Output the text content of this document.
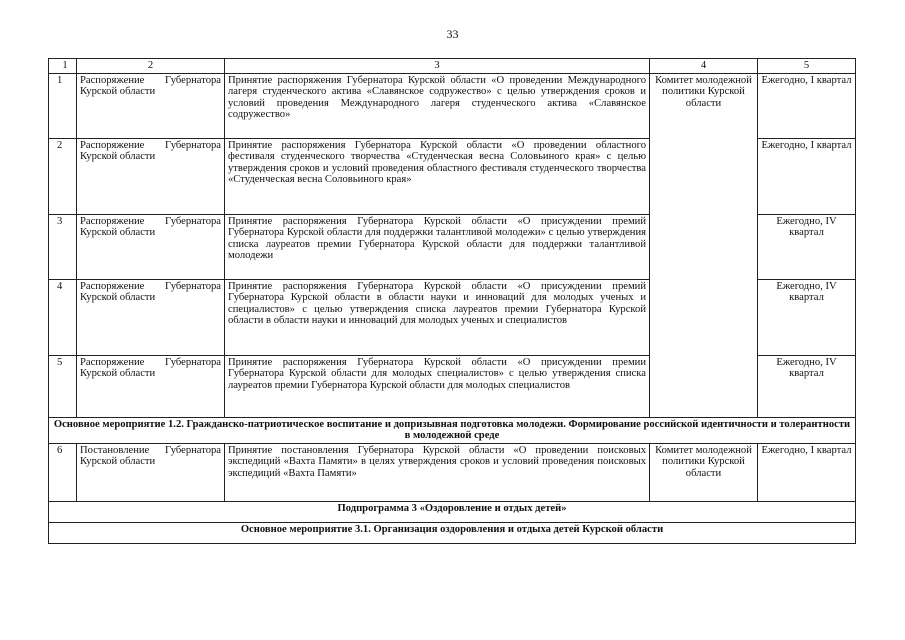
33
1	2	3	4	5
1	Распоряжение Губернатора Курской области	Принятие распоряжения Губернатора Курской области «О проведении Международного лагеря студенческого актива «Славянское содружество» с целью утверждения сроков и условий проведения Международного лагеря студенческого актива «Славянское содружество»	Комитет молодежной политики Курской области	Ежегодно, I квартал
2	Распоряжение Губернатора Курской области	Принятие распоряжения Губернатора Курской области «О проведении областного фестиваля студенческого творчества «Студенческая весна Соловьиного края» с целью утверждения сроков и условий проведения областного фестиваля студенческого творчества «Студенческая весна Соловьиного края»		Ежегодно, I квартал
3	Распоряжение Губернатора Курской области	Принятие распоряжения Губернатора Курской области «О присуждении премий Губернатора Курской области для поддержки талантливой молодежи» с целью утверждения списка лауреатов премии Губернатора Курской области для поддержки талантливой молодежи		Ежегодно, IV квартал
4	Распоряжение Губернатора Курской области	Принятие распоряжения Губернатора Курской области «О присуждении премий Губернатора Курской области в области науки и инноваций для молодых ученых и специалистов» с целью утверждения списка лауреатов премии Губернатора Курской области в области науки и инноваций для молодых ученых и специалистов		Ежегодно, IV квартал
5	Распоряжение Губернатора Курской области	Принятие распоряжения Губернатора Курской области «О присуждении премии Губернатора Курской области для молодых специалистов» с целью утверждения списка лауреатов премии Губернатора Курской области для молодых специалистов		Ежегодно, IV квартал
Основное мероприятие 1.2. Гражданско-патриотическое воспитание и допризывная подготовка молодежи. Формирование российской идентичности и толерантности в молодежной среде				
6	Постановление Губернатора Курской области	Принятие постановления Губернатора Курской области «О проведении поисковых экспедиций «Вахта Памяти» в целях утверждения сроков и условий проведения поисковых экспедиций «Вахта Памяти»	Комитет молодежной политики Курской области	Ежегодно, I квартал
Подпрограмма 3 «Оздоровление и отдых детей»				
Основное мероприятие 3.1. Организация оздоровления и отдыха детей Курской области				
